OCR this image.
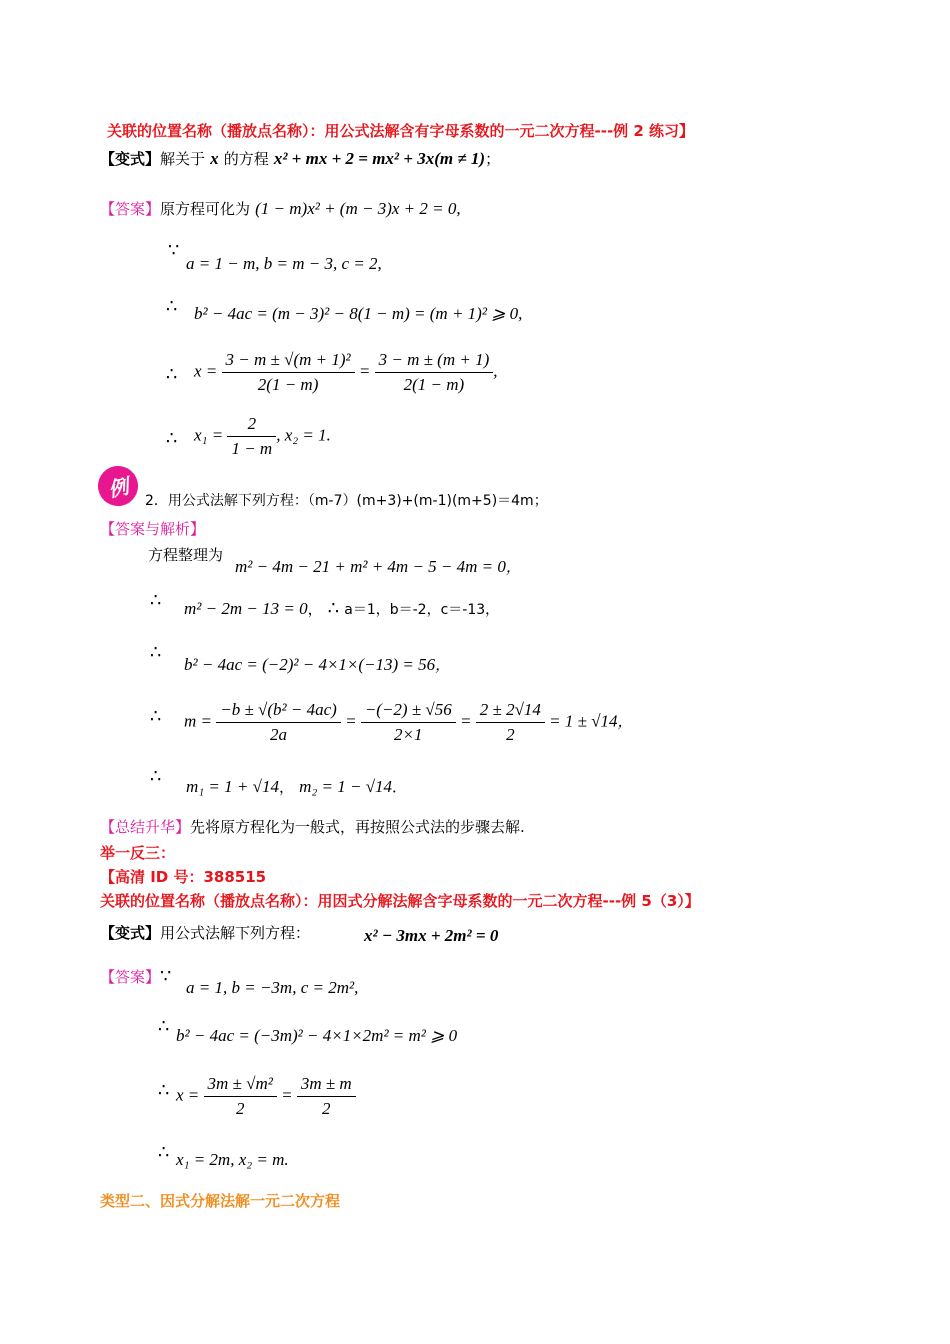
关联的位置名称（播放点名称）：用公式法解含有字母系数的一元二次方程---例 2 练习】
【变式】解关于 x 的方程 x² + mx + 2 = mx² + 3x(m ≠ 1)；
【答案】原方程可化为 (1 − m)x² + (m − 3)x + 2 = 0,
∵
a = 1 − m, b = m − 3, c = 2,
∴ b² − 4ac = (m − 3)² − 8(1 − m) = (m + 1)² ⩾ 0,
∴ $x = \frac{\text{3 − m ± √(m + 1)²}}{2(1 - m)} = \frac{3 - m \pm (m + 1)}{2(1 - m)}$ ,
∴ $x_1 = \frac{2}{1 - m}$ , x₂ = 1.
例	2．用公式法解下列方程：（m-7）(m+3)+(m-1)(m+5)＝4m；
【答案与解析】
方程整理为
m² − 4m − 21 + m² + 4m − 5 − 4m = 0，
∴ m² − 2m − 13 = 0， ∴ a＝1，b＝-2，c＝-13，
∴
b² − 4ac = (−2)² − 4×1×(−13) = 56，
∴ $m = \frac{\text{−b ± √(b² − 4ac)}}{2a} = \frac{-(-2) \pm √56}{2\times 1} = \frac{2 \pm 2√14}{2} = 1 \pm √14$，
∴ m₁ = 1 + √14， m₂ = 1 − √14．
【总结升华】先将原方程化为一般式，再按照公式法的步骤去解.
举一反三：
【高清 ID 号：388515
关联的位置名称（播放点名称）：用因式分解法解含字母系数的一元二次方程---例 5（3）】
【变式】用公式法解下列方程：	x² − 3mx + 2m² = 0
【答案】∵
a = 1, b = −3m, c = 2m²,
∴ b² − 4ac = (−3m)² − 4×1×2m² = m² ⩾ 0
∴ $x = \frac{\text{3m ± √m²}}{2} = \frac{3m \pm m}{2}$
∴ x₁ = 2m, x₂ = m.
类型二、因式分解法解一元二次方程
